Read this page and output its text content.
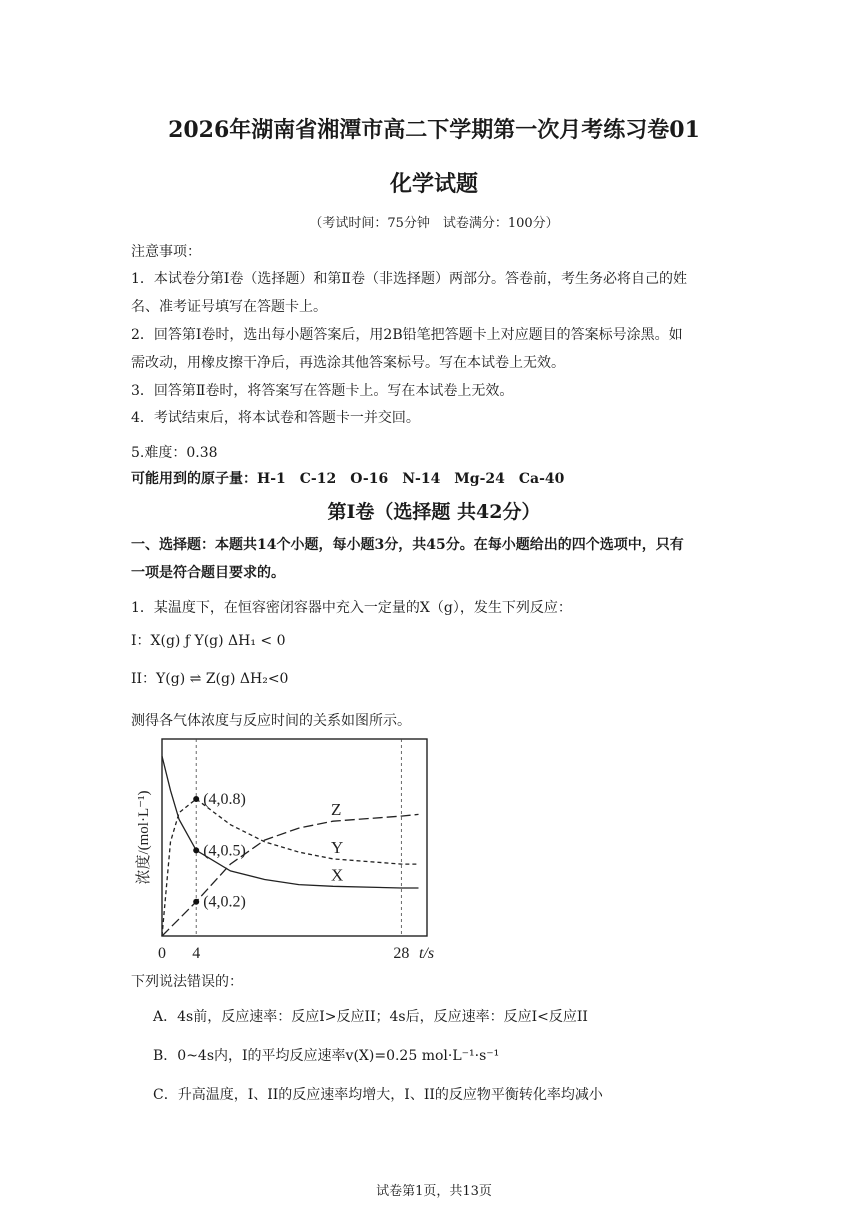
2026年湖南省湘潭市高二下学期第一次月考练习卷01
化学试题
（考试时间：75分钟　试卷满分：100分）
注意事项：
1．本试卷分第Ⅰ卷（选择题）和第Ⅱ卷（非选择题）两部分。答卷前，考生务必将自己的姓
名、准考证号填写在答题卡上。
2．回答第Ⅰ卷时，选出每小题答案后，用2B铅笔把答题卡上对应题目的答案标号涂黑。如
需改动，用橡皮擦干净后，再选涂其他答案标号。写在本试卷上无效。
3．回答第Ⅱ卷时，将答案写在答题卡上。写在本试卷上无效。
4．考试结束后，将本试卷和答题卡一并交回。
5.难度：0.38
可能用到的原子量：H-1　C-12　O-16　N-14　Mg-24　Ca-40
第Ⅰ卷（选择题 共42分）
一、选择题：本题共14个小题，每小题3分，共45分。在每小题给出的四个选项中，只有
一项是符合题目要求的。
1．某温度下，在恒容密闭容器中充入一定量的X（g），发生下列反应：
I：X(g) ƒ Y(g) ΔH₁ < 0
II：Y(g) ⇌ Z(g) ΔH₂<0
测得各气体浓度与反应时间的关系如图所示。
X
Y
Z
(4,0.8)
(4,0.5)
(4,0.2)
0 4	28 t/s
浓度/(mol·L⁻¹)
下列说法错误的：
A．4s前，反应速率：反应I>反应II；4s后，反应速率：反应I<反应II
B．0~4s内，I的平均反应速率v(X)=0.25 mol·L⁻¹·s⁻¹
C．升高温度，I、II的反应速率均增大，I、II的反应物平衡转化率均减小
试卷第1页，共13页
